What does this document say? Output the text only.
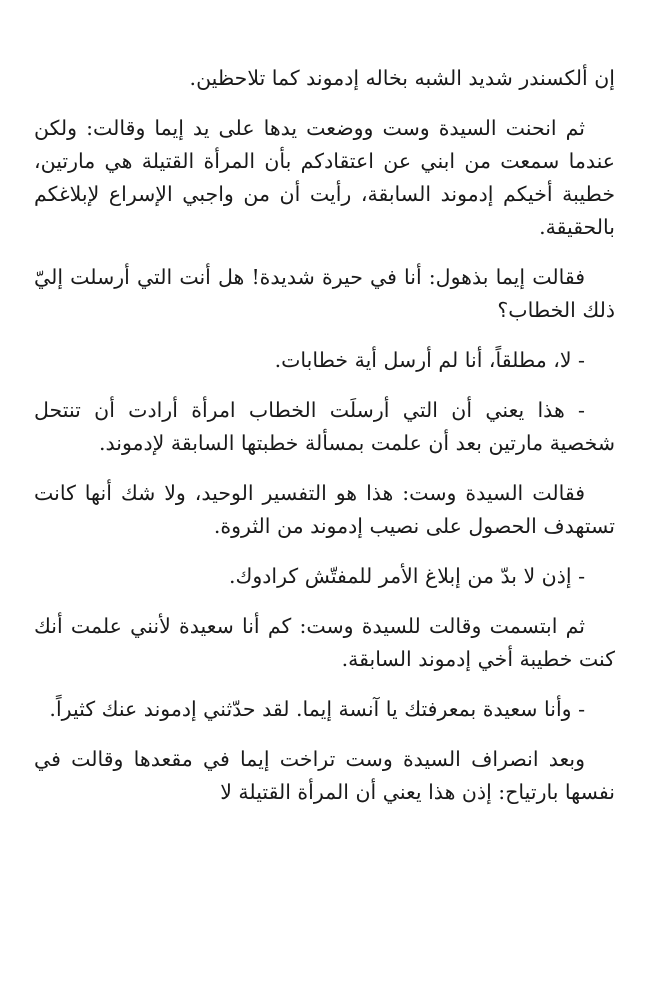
إن ألكسندر شديد الشبه بخاله إدموند كما تلاحظين.

ثم انحنت السيدة وست ووضعت يدها على يد إيما وقالت: ولكن عندما سمعت من ابني عن اعتقادكم بأن المرأة القتيلة هي مارتين، خطيبة أخيكم إدموند السابقة، رأيت أن من واجبي الإسراع لإبلاغكم بالحقيقة.

فقالت إيما بذهول: أنا في حيرة شديدة! هل أنت التي أرسلت إليّ ذلك الخطاب؟

- لا، مطلقاً، أنا لم أرسل أية خطابات.

- هذا يعني أن التي أرسلَت الخطاب امرأة أرادت أن تنتحل شخصية مارتين بعد أن علمت بمسألة خطبتها السابقة لإدموند.

فقالت السيدة وست: هذا هو التفسير الوحيد، ولا شك أنها كانت تستهدف الحصول على نصيب إدموند من الثروة.

- إذن لا بدّ من إبلاغ الأمر للمفتّش كرادوك.

ثم ابتسمت وقالت للسيدة وست: كم أنا سعيدة لأنني علمت أنك كنت خطيبة أخي إدموند السابقة.

- وأنا سعيدة بمعرفتك يا آنسة إيما. لقد حدّثني إدموند عنك كثيراً.

وبعد انصراف السيدة وست تراخت إيما في مقعدها وقالت في نفسها بارتياح: إذن هذا يعني أن المرأة القتيلة لا
